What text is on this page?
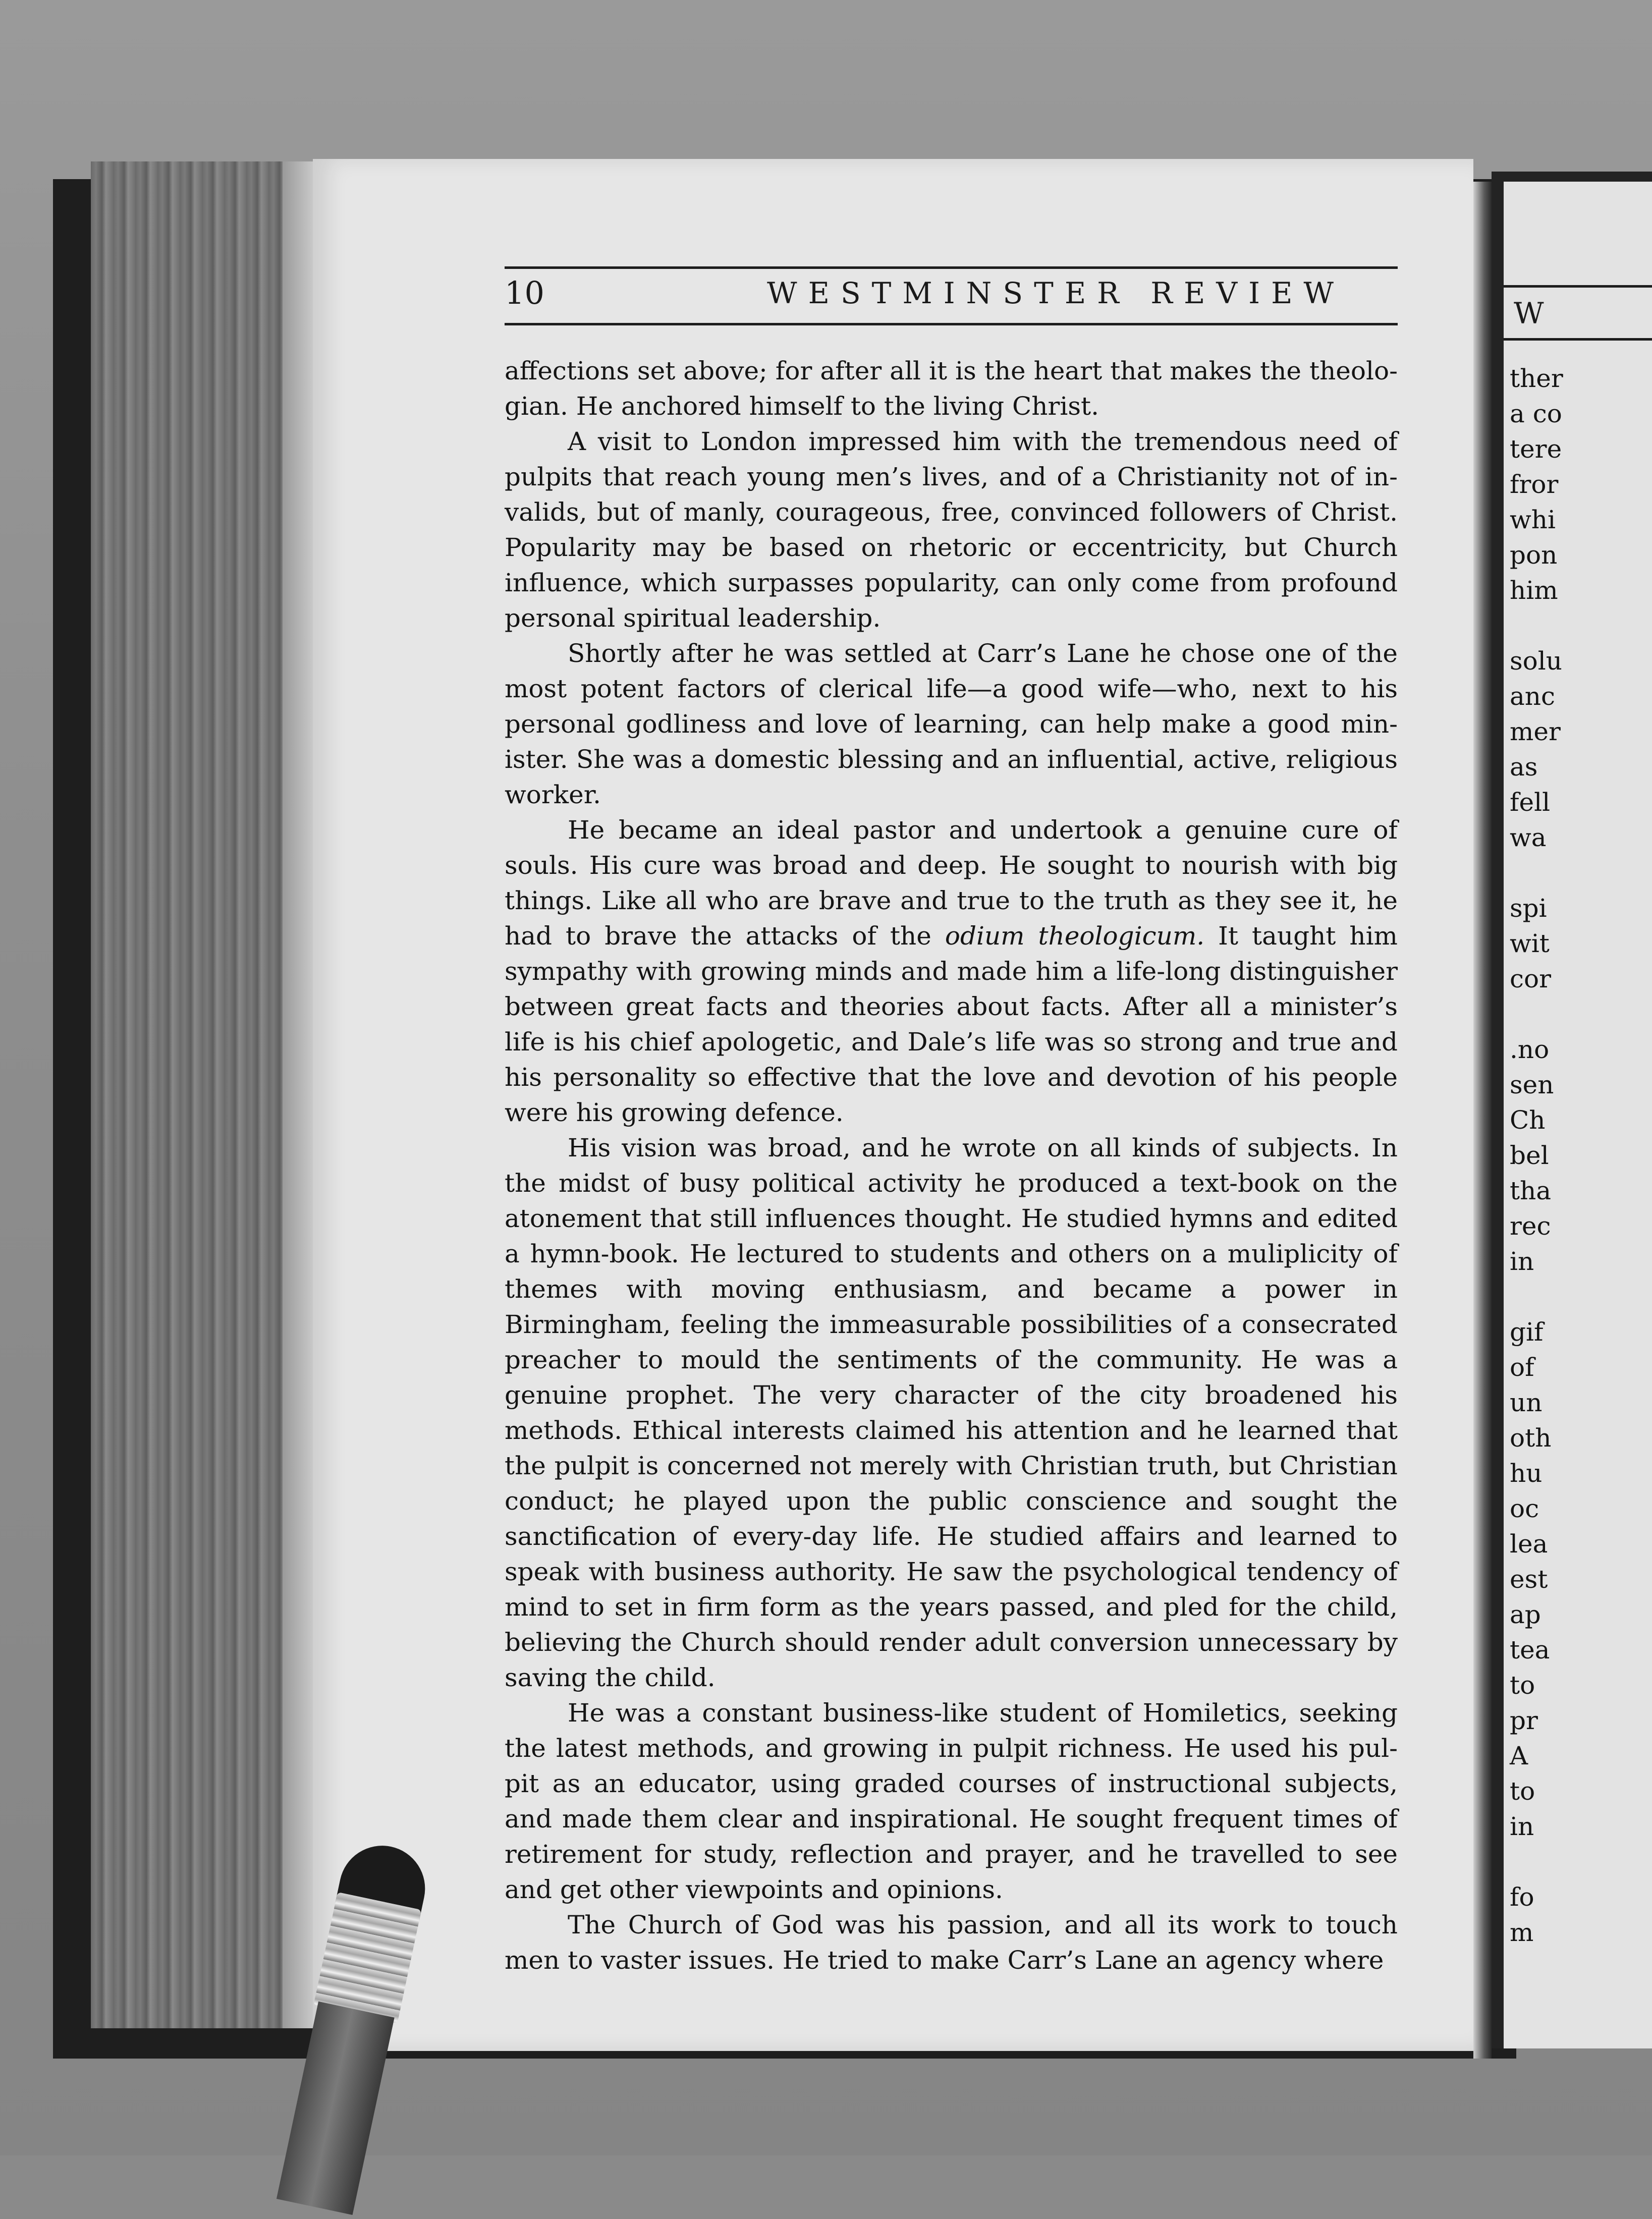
10	WESTMINSTER REVIEW

affections set above; for after all it is the heart that makes the theologian. He anchored himself to the living Christ.

A visit to London impressed him with the tremendous need of pulpits that reach young men’s lives, and of a Christianity not of invalids, but of manly, courageous, free, convinced followers of Christ. Popularity may be based on rhetoric or eccentricity, but Church influence, which surpasses popularity, can only come from profound personal spiritual leadership.

Shortly after he was settled at Carr’s Lane he chose one of the most potent factors of clerical life—a good wife—who, next to his personal godliness and love of learning, can help make a good minister. She was a domestic blessing and an influential, active, religious worker.

He became an ideal pastor and undertook a genuine cure of souls. His cure was broad and deep. He sought to nourish with big things. Like all who are brave and true to the truth as they see it, he had to brave the attacks of the odium theologicum. It taught him sympathy with growing minds and made him a life-long distinguisher between great facts and theories about facts. After all a minister’s life is his chief apologetic, and Dale’s life was so strong and true and his personality so effective that the love and devotion of his people were his growing defence.

His vision was broad, and he wrote on all kinds of subjects. In the midst of busy political activity he produced a text-book on the atonement that still influences thought. He studied hymns and edited a hymn-book. He lectured to students and others on a muliplicity of themes with moving enthusiasm, and became a power in Birmingham, feeling the immeasurable possibilities of a consecrated preacher to mould the sentiments of the community. He was a genuine prophet. The very character of the city broadened his methods. Ethical interests claimed his attention and he learned that the pulpit is concerned not merely with Christian truth, but Christian conduct; he played upon the public conscience and sought the sanctification of every-day life. He studied affairs and learned to speak with business authority. He saw the psychological tendency of mind to set in firm form as the years passed, and pled for the child, believing the Church should render adult conversion unnecessary by saving the child.

He was a constant business-like student of Homiletics, seeking the latest methods, and growing in pulpit richness. He used his pulpit as an educator, using graded courses of instructional subjects, and made them clear and inspirational. He sought frequent times of retirement for study, reflection and prayer, and he travelled to see and get other viewpoints and opinions.

The Church of God was his passion, and all its work to touch men to vaster issues. He tried to make Carr’s Lane an agency where

W
ther
a co
tere
fror
whi
pon
him
solu
anc
mer
as
fell
wa
spi
wit
cor
.no
sen
Ch
bel
tha
rec
in
gif
of
un
oth
hu
oc
lea
est
ap
tea
to
pr
A
to
in
fo
m
